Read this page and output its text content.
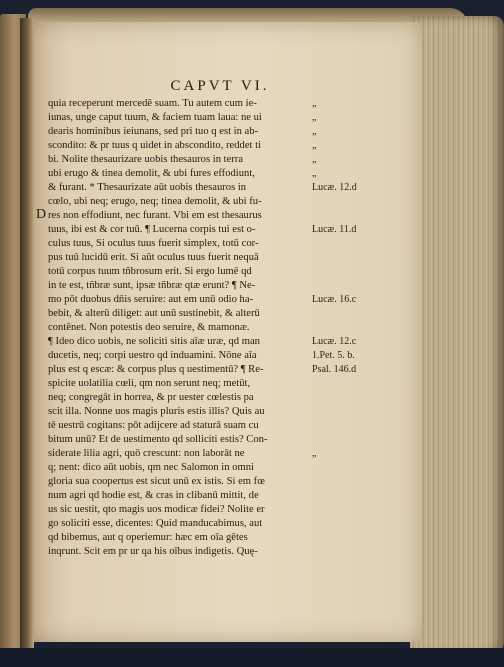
CAPVT VI.
D
quia receperunt mercedē suam. Tu autem cum ie-
iunas, unge caput tuum, & faciem tuam laua: ne ui
dearis hominibus ieiunans, sed pri tuo q est in ab-
scondito: & pr tuus q uidet in abscondito, reddet ti
bi. Nolite thesaurizare uobis thesauros in terra
ubi erugo & tinea demolit, & ubi fures effodiunt,
& furant. * Thesaurizate aūt uobis thesauros in
cœlo, ubi neq; erugo, neq; tinea demolit, & ubi fu-
res non effodiunt, nec furant. Vbi em est thesaurus
tuus, ibi est & cor tuū. ¶ Lucerna corpis tui est o-
culus tuus, Si oculus tuus fuerit simplex, totū cor-
pus tuū lucidū erit. Si aūt oculus tuus fuerit nequā
totū corpus tuum tñbrosum erit. Si ergo lumē qd
in te est, tñbræ sunt, ipsæ tñbræ qtæ erunt? ¶ Ne-
mo pōt duobus dn̄is seruire: aut em unū odio ha-
bebit, & alterū diliget: aut unū sustinebit, & alterū
contēnet. Non potestis deo seruire, & mamonæ.
¶ Ideo dico uobis, ne soliciti sitis aīæ uræ, qd man
ducetis, neq; corpi uestro qd induamini. Nōne aīa
plus est q escæ: & corpus plus q uestimentū? ¶ Re-
spicite uolatilia cœli, qm non serunt neq; metūt,
neq; congregāt in horrea, & pr uester cœlestis pa
scit illa. Nonne uos magis pluris estis illis? Quis au
tē uestrū cogitans: pōt adijcere ad staturā suam cu
bitum unū? Et de uestimento qd solliciti estis? Con-
siderate lilia agri, quō crescunt: non laborāt ne
q; nent: dico aūt uobis, qm nec Salomon in omni
gloria sua coopertus est sicut unū ex istis. Si em fœ
num agri qd hodie est, & cras in clibanū mittit, de
us sic uestit, qto magis uos modicæ fidei? Nolite er
go soliciti esse, dicentes: Quid manducabimus, aut
qd bibemus, aut q operiemur: hæc em oīa gētes
inqrunt. Scit em pr ur qa his oībus indigetis. Quę-
„
„
„
„
„
„
Lucæ. 12.d
Lucæ. 11.d
Lucæ. 16.c
Lucæ. 12.c
1.Pet. 5. b.
Psal. 146.d
„
